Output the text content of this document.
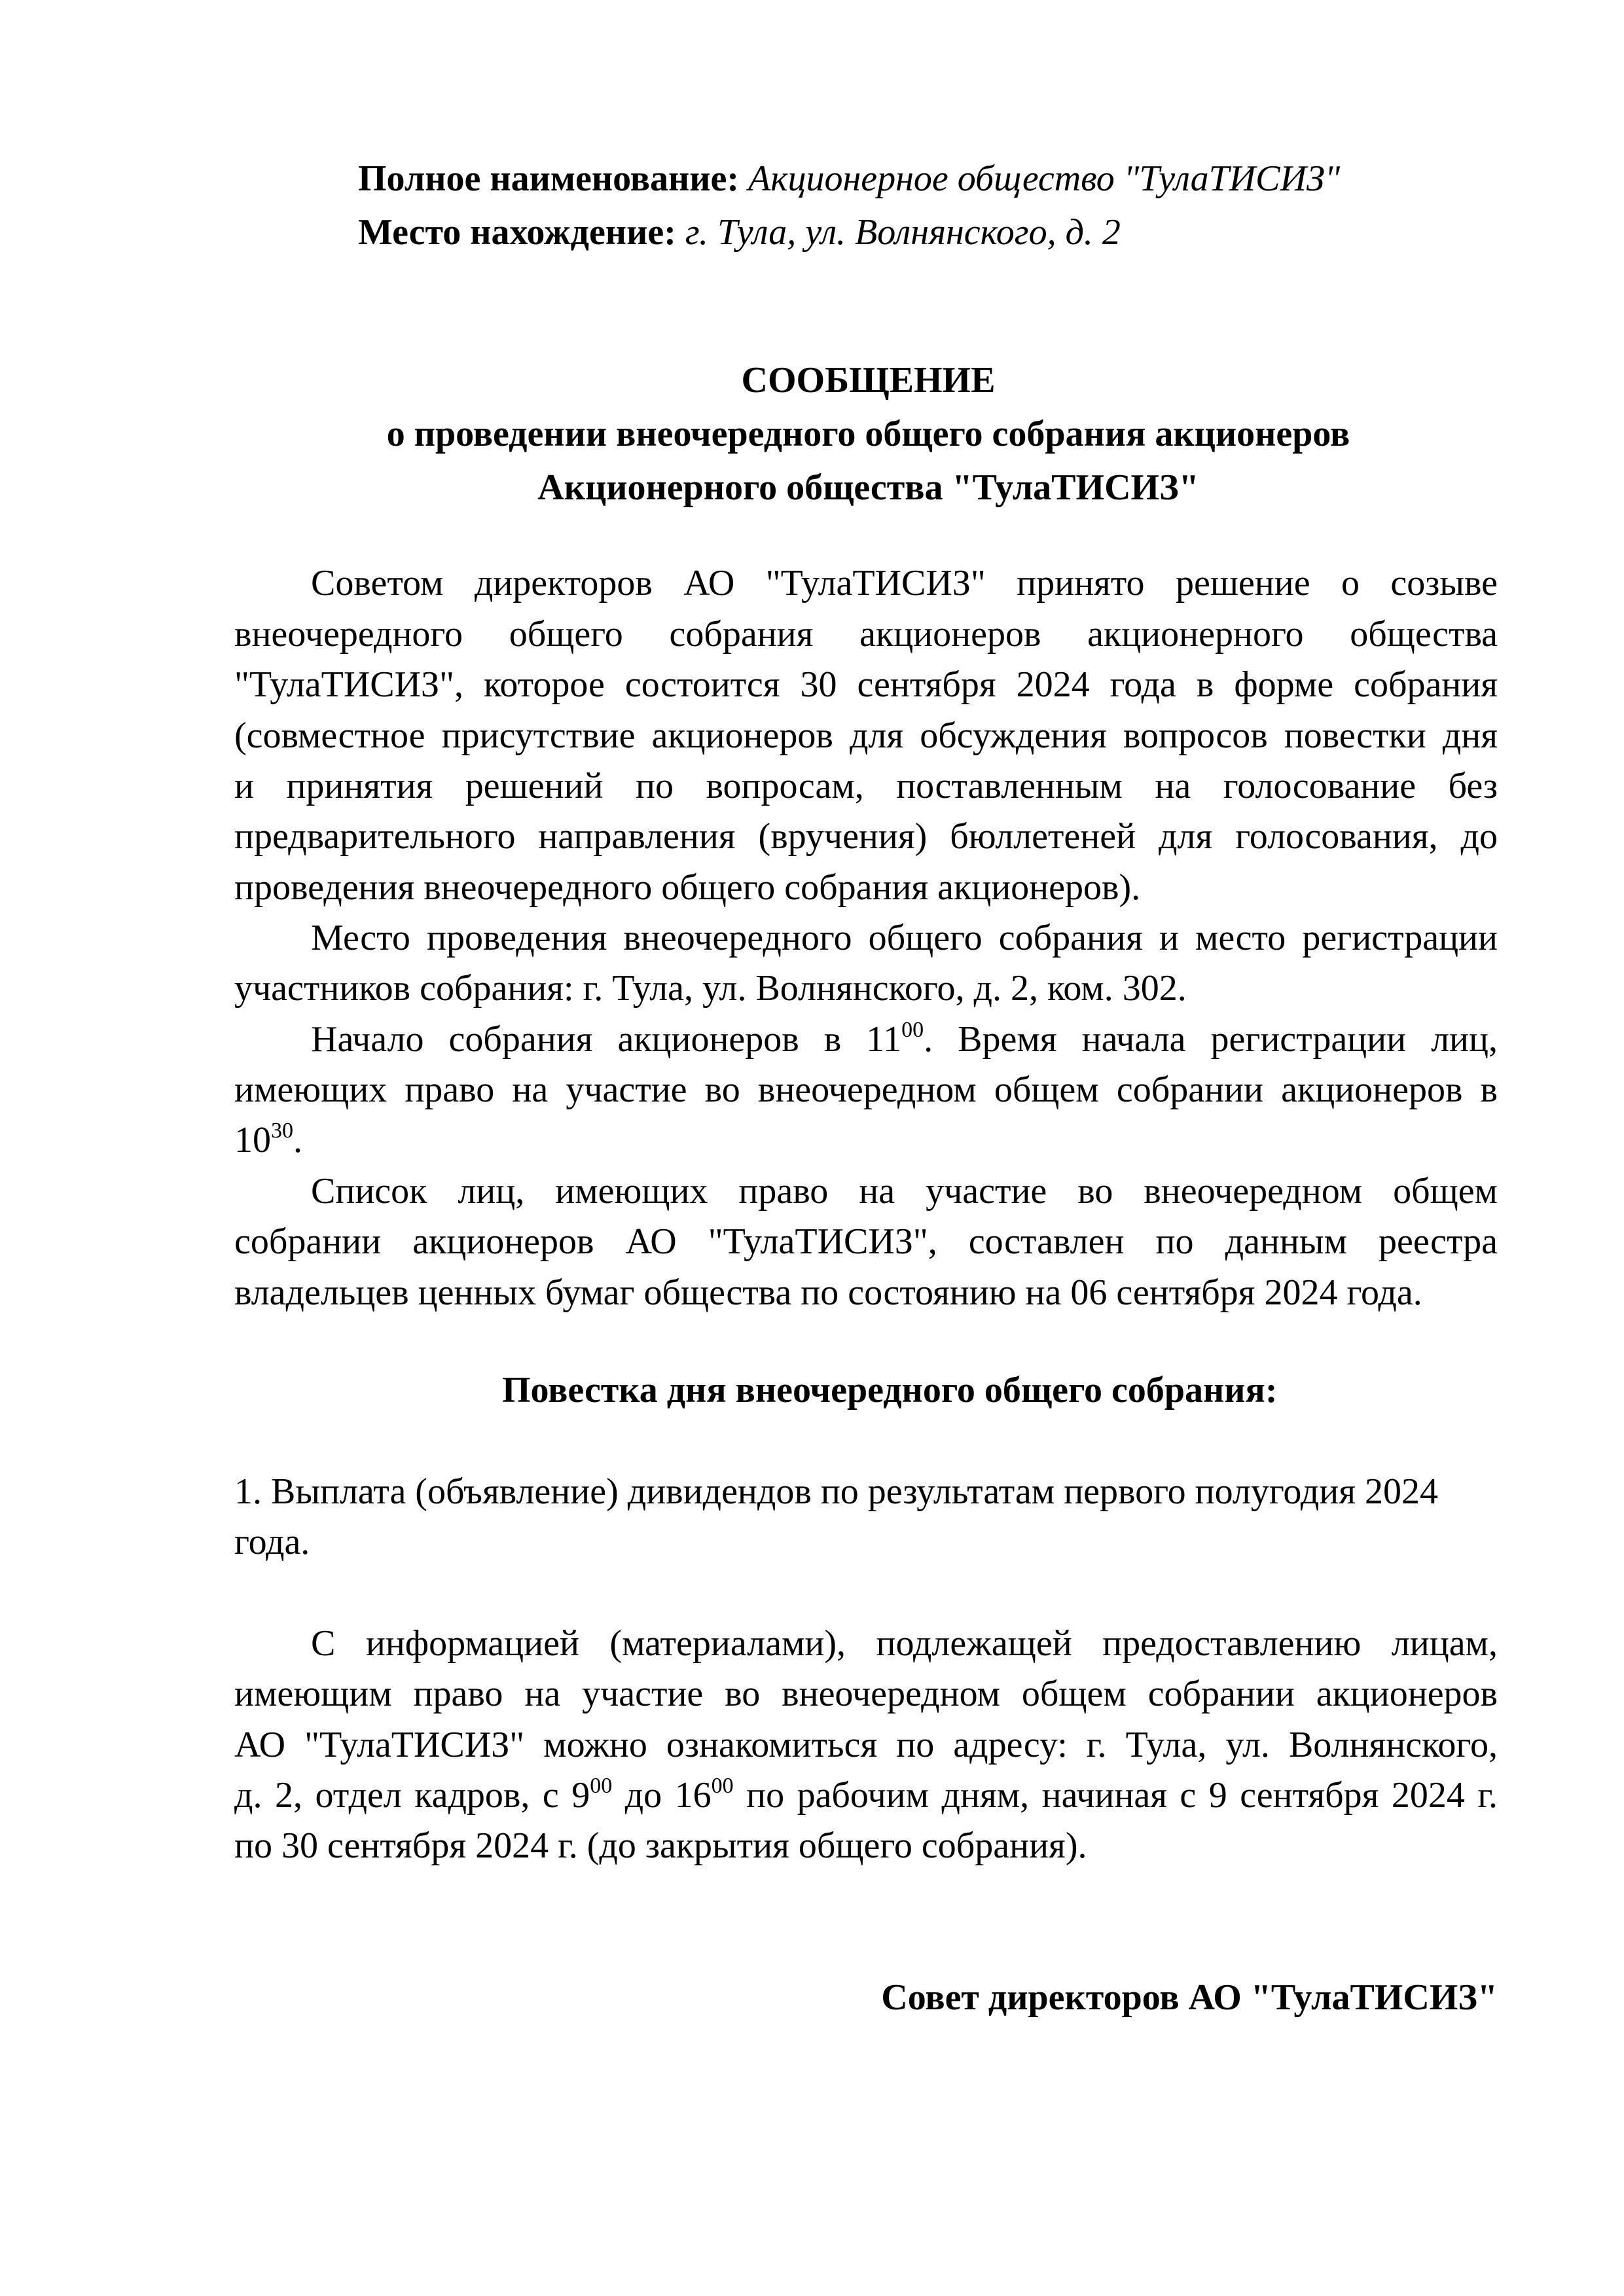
Полное наименование: Акционерное общество "ТулаТИСИЗ"
Место нахождение: г. Тула, ул. Волнянского, д. 2
СООБЩЕНИЕ
о проведении внеочередного общего собрания акционеров
Акционерного общества "ТулаТИСИЗ"
Советом директоров АО "ТулаТИСИЗ" принято решение о созыве
внеочередного общего собрания акционеров акционерного общества
"ТулаТИСИЗ", которое состоится 30 сентября 2024 года в форме собрания
(совместное присутствие акционеров для обсуждения вопросов повестки дня
и принятия решений по вопросам, поставленным на голосование без
предварительного направления (вручения) бюллетеней для голосования, до
проведения внеочередного общего собрания акционеров).
Место проведения внеочередного общего собрания и место регистрации
участников собрания: г. Тула, ул. Волнянского, д. 2, ком. 302.
Начало собрания акционеров в $11^{00}$. Время начала регистрации лиц,
имеющих право на участие во внеочередном общем собрании акционеров в
$10^{30}$.
Список лиц, имеющих право на участие во внеочередном общем
собрании акционеров АО "ТулаТИСИЗ", составлен по данным реестра
владельцев ценных бумаг общества по состоянию на 06 сентября 2024 года.
Повестка дня внеочередного общего собрания:
1. Выплата (объявление) дивидендов по результатам первого полугодия 2024
года.
С информацией (материалами), подлежащей предоставлению лицам,
имеющим право на участие во внеочередном общем собрании акционеров
АО "ТулаТИСИЗ" можно ознакомиться по адресу: г. Тула, ул. Волнянского,
д. 2, отдел кадров, с $9^{00}$ до $16^{00}$ по рабочим дням, начиная с 9 сентября 2024 г.
по 30 сентября 2024 г. (до закрытия общего собрания).
Совет директоров АО "ТулаТИСИЗ"
